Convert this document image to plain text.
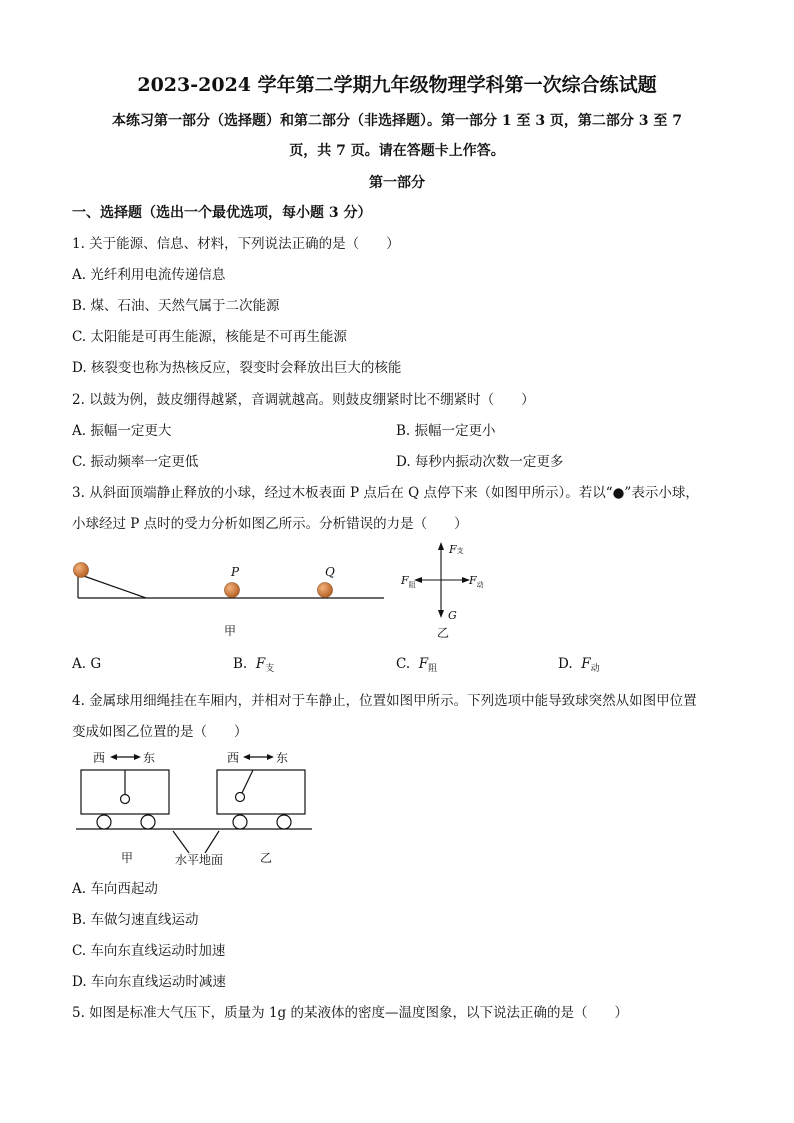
2023-2024 学年第二学期九年级物理学科第一次综合练试题
本练习第一部分（选择题）和第二部分（非选择题）。第一部分 1 至 3 页，第二部分 3 至 7
页，共 7 页。请在答题卡上作答。
第一部分
一、选择题（选出一个最优选项，每小题 3 分）
1. 关于能源、信息、材料，下列说法正确的是（　　）
A. 光纤利用电流传递信息
B. 煤、石油、天然气属于二次能源
C. 太阳能是可再生能源，核能是不可再生能源
D. 核裂变也称为热核反应，裂变时会释放出巨大的核能
2. 以鼓为例，鼓皮绷得越紧，音调就越高。则鼓皮绷紧时比不绷紧时（　　）
A. 振幅一定更大	B. 振幅一定更小
C. 振动频率一定更低	D. 每秒内振动次数一定更多
3. 从斜面顶端静止释放的小球，经过木板表面 P 点后在 Q 点停下来（如图甲所示）。若以“●”表示小球，
小球经过 P 点时的受力分析如图乙所示。分析错误的力是（　　）
P	Q
甲	乙
F支
$F_阻$	$F_动$
G
A. G	B. $F_支$	C. $F_阻$	D. $F_动$
4. 金属球用细绳挂在车厢内，并相对于车静止，位置如图甲所示。下列选项中能导致球突然从如图甲位置
变成如图乙位置的是（　　）
西	东	西	东
甲	水平地面	乙
A. 车向西起动
B. 车做匀速直线运动
C. 车向东直线运动时加速
D. 车向东直线运动时减速
5. 如图是标准大气压下，质量为 1g 的某液体的密度—温度图象，以下说法正确的是（　　）
